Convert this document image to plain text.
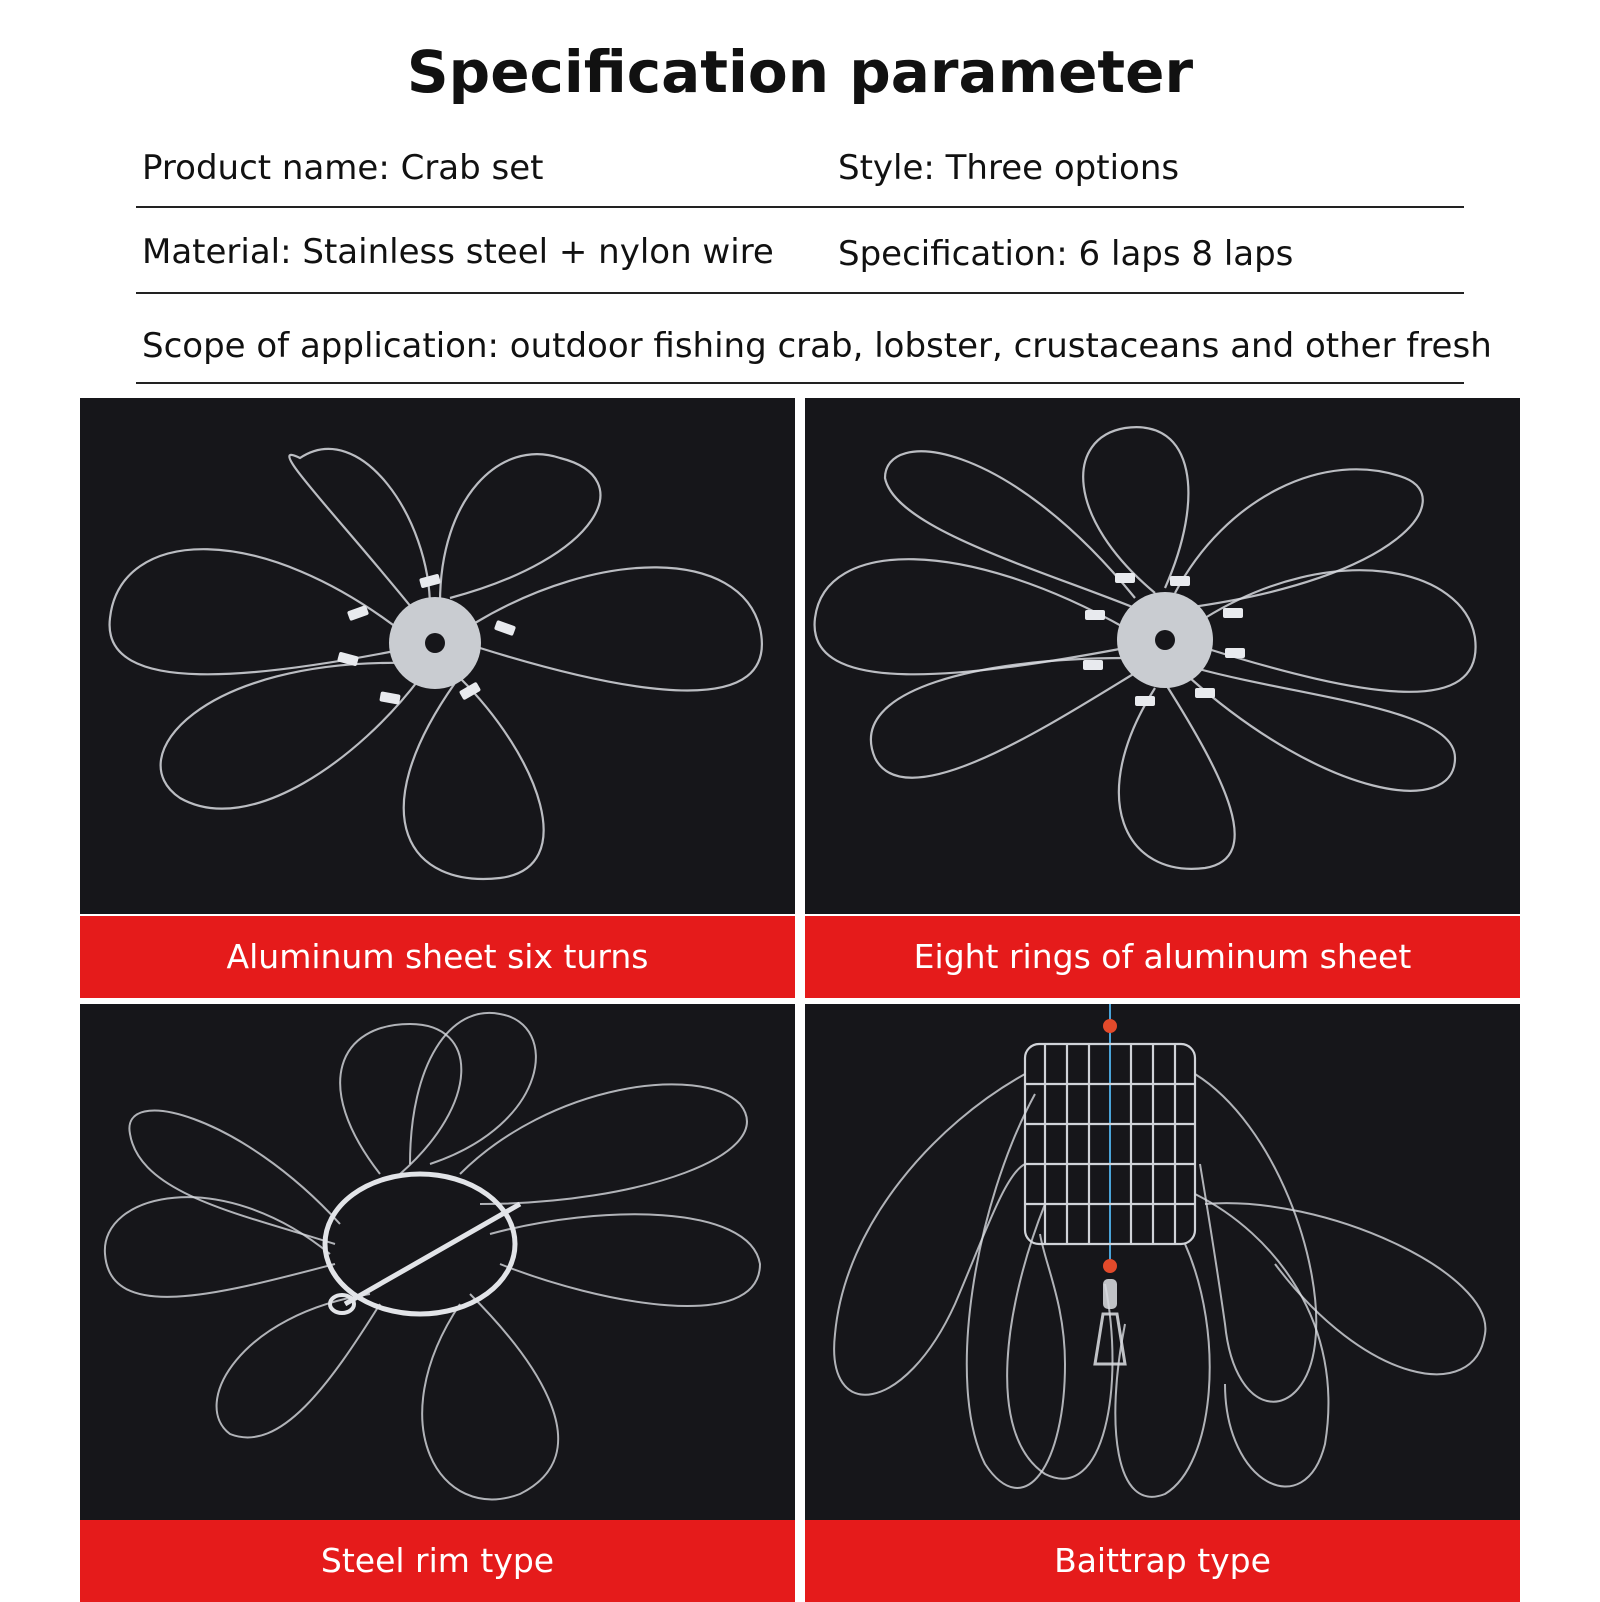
Specification parameter
Product name: Crab set	Style: Three options
Material: Stainless steel + nylon wire Specification: 6 laps 8 laps
Scope of application: outdoor fishing crab, lobster, crustaceans and other fresh
Aluminum sheet six turns	Eight rings of aluminum sheet
Steel rim type	Baittrap type
